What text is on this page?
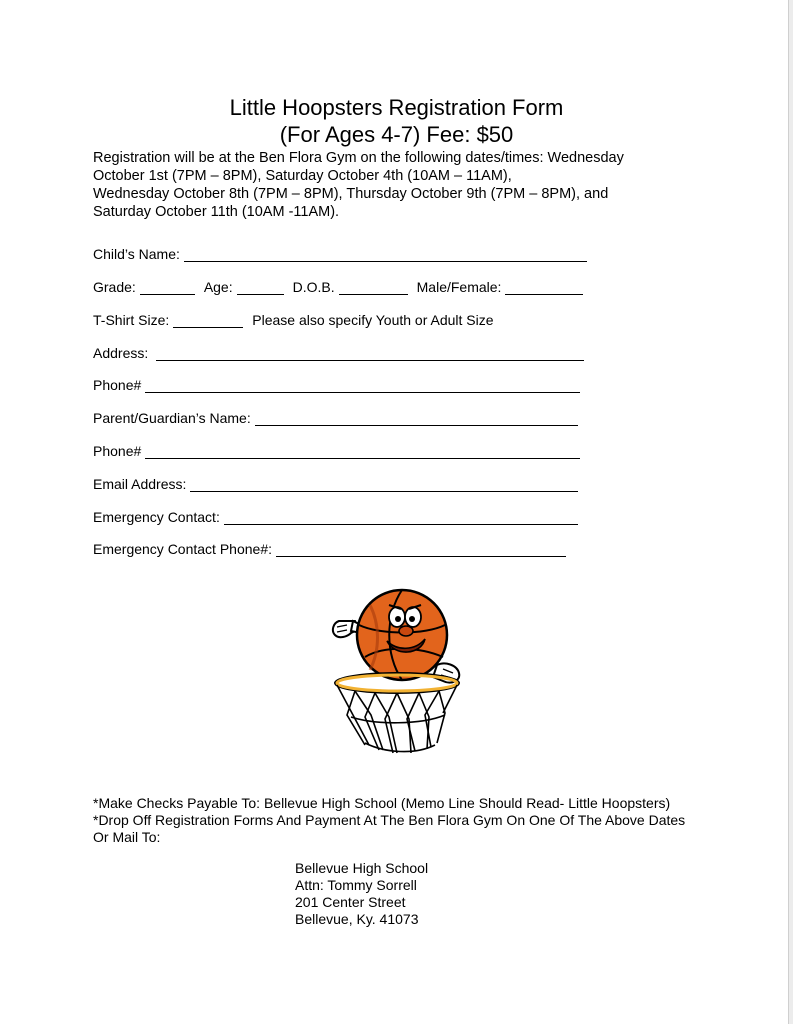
Little Hoopsters Registration Form
(For Ages 4-7) Fee: $50
Registration will be at the Ben Flora Gym on the following dates/times: Wednesday
October 1st (7PM – 8PM), Saturday October 4th (10AM – 11AM),
Wednesday October 8th (7PM – 8PM), Thursday October 9th (7PM – 8PM), and
Saturday October 11th (10AM -11AM).
Child’s Name:
Grade:	Age:	D.O.B.	Male/Female:
T-Shirt Size:	Please also specify Youth or Adult Size
Address:
Phone#
Parent/Guardian’s Name:
Phone#
Email Address:
Emergency Contact:
Emergency Contact Phone#:
*Make Checks Payable To: Bellevue High School (Memo Line Should Read- Little Hoopsters)
*Drop Off Registration Forms And Payment At The Ben Flora Gym On One Of The Above Dates
Or Mail To:
Bellevue High School
Attn: Tommy Sorrell
201 Center Street
Bellevue, Ky. 41073
